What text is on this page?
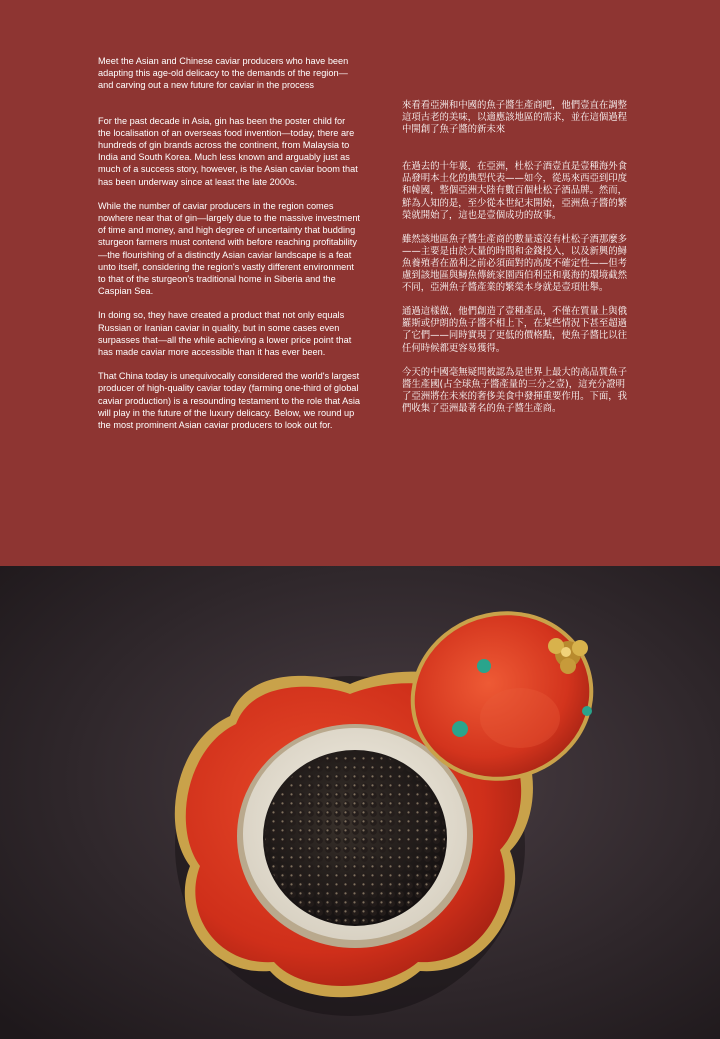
Meet the Asian and Chinese caviar producers who have been adapting this age-old delicacy to the demands of the region—and carving out a new future for caviar in the process

For the past decade in Asia, gin has been the poster child for the localisation of an overseas food invention—today, there are hundreds of gin brands across the continent, from Malaysia to India and South Korea. Much less known and arguably just as much of a success story, however, is the Asian caviar boom that has been underway since at least the late 2000s.

While the number of caviar producers in the region comes nowhere near that of gin—largely due to the massive investment of time and money, and high degree of uncertainty that budding sturgeon farmers must contend with before reaching profitability—the flourishing of a distinctly Asian caviar landscape is a feat unto itself, considering the region's vastly different environment to that of the sturgeon's traditional home in Siberia and the Caspian Sea.

In doing so, they have created a product that not only equals Russian or Iranian caviar in quality, but in some cases even surpasses that—all the while achieving a lower price point that has made caviar more accessible than it has ever been.

That China today is unequivocally considered the world's largest producer of high-quality caviar today (farming one-third of global caviar production) is a resounding testament to the role that Asia will play in the future of the luxury delicacy. Below, we round up the most prominent Asian caviar producers to look out for.

來看看亞洲和中國的魚子醬生產商吧，他們壹直在調整這項古老的美味，以適應該地區的需求，並在這個過程中開創了魚子醬的新未來

在過去的十年裏，在亞洲，杜松子酒壹直是壹種海外食品發明本土化的典型代表——如今，從馬來西亞到印度和韓國，整個亞洲大陸有數百個杜松子酒品牌。然而，鮮為人知的是，至少從本世紀末開始，亞洲魚子醬的繁榮就開始了，這也是壹個成功的故事。

雖然該地區魚子醬生產商的數量遠沒有杜松子酒那麼多——主要是由於大量的時間和金錢投入，以及新興的鱘魚養殖者在盈利之前必須面對的高度不確定性——但考慮到該地區與鱘魚傳統家園西伯利亞和裏海的環境截然不同，亞洲魚子醬產業的繁榮本身就是壹項壯舉。

通過這樣做，他們創造了壹種產品，不僅在質量上與俄羅斯或伊朗的魚子醬不相上下，在某些情況下甚至超過了它們——同時實現了更低的價格點，使魚子醬比以往任何時候都更容易獲得。

今天的中國毫無疑問被認為是世界上最大的高品質魚子醬生產國(占全球魚子醬產量的三分之壹)，這充分證明了亞洲將在未來的奢侈美食中發揮重要作用。下面，我們收集了亞洲最著名的魚子醬生產商。
